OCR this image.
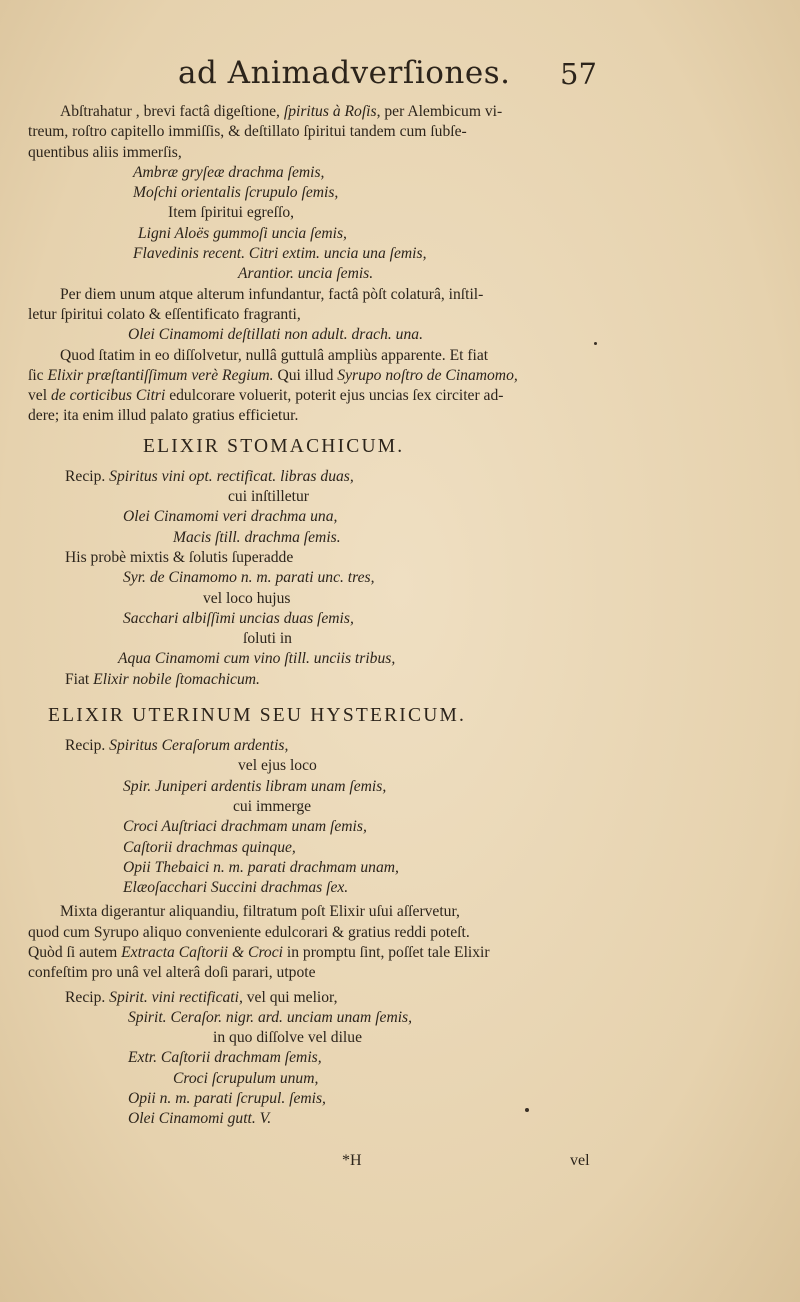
ad Animadverſiones. 57

Abſtrahatur , brevi factâ digeſtione, ſpiritus à Roſis, per Alembicum vi-

treum, roſtro capitello immiſſis, & deſtillato ſpiritui tandem cum ſubſe-

quentibus aliis immerſis,

Ambræ gryſeæ drachma ſemis,

Moſchi orientalis ſcrupulo ſemis,

Item ſpiritui egreſſo,

Ligni Aloës gummoſi uncia ſemis,

Flavedinis recent. Citri extim. uncia una ſemis,

Arantior. uncia ſemis.

Per diem unum atque alterum infundantur, factâ pòſt colaturâ, inſtil-

letur ſpiritui colato & eſſentificato fragranti,

Olei Cinamomi deſtillati non adult. drach. una.

Quod ſtatim in eo diſſolvetur, nullâ guttulâ ampliùs apparente. Et fiat

ſic Elixir præſtantiſſimum verè Regium. Qui illud Syrupo noſtro de Cinamomo,

vel de corticibus Citri edulcorare voluerit, poterit ejus uncias ſex circiter ad-

dere; ita enim illud palato gratius efficietur.

ELIXIR STOMACHICUM.

Recip. Spiritus vini opt. rectificat. libras duas,

cui inſtilletur

Olei Cinamomi veri drachma una,

Macis ſtill. drachma ſemis.

His probè mixtis & ſolutis ſuperadde

Syr. de Cinamomo n. m. parati unc. tres,

vel loco hujus

Sacchari albiſſimi uncias duas ſemis,

ſoluti in

Aqua Cinamomi cum vino ſtill. unciis tribus,

Fiat Elixir nobile ſtomachicum.

ELIXIR UTERINUM SEU HYSTERICUM.

Recip. Spiritus Ceraſorum ardentis,

vel ejus loco

Spir. Juniperi ardentis libram unam ſemis,

cui immerge

Croci Auſtriaci drachmam unam ſemis,

Caſtorii drachmas quinque,

Opii Thebaici n. m. parati drachmam unam,

Elæoſacchari Succini drachmas ſex.

Mixta digerantur aliquandiu, filtratum poſt Elixir uſui aſſervetur,

quod cum Syrupo aliquo conveniente edulcorari & gratius reddi poteſt.

Quòd ſi autem Extracta Caſtorii & Croci in promptu ſint, poſſet tale Elixir

confeſtim pro unâ vel alterâ doſi parari, utpote

Recip. Spirit. vini rectificati, vel qui melior,

Spirit. Ceraſor. nigr. ard. unciam unam ſemis,

in quo diſſolve vel dilue

Extr. Caſtorii drachmam ſemis,

Croci ſcrupulum unum,

Opii n. m. parati ſcrupul. ſemis,

Olei Cinamomi gutt. V.

*H	vel
